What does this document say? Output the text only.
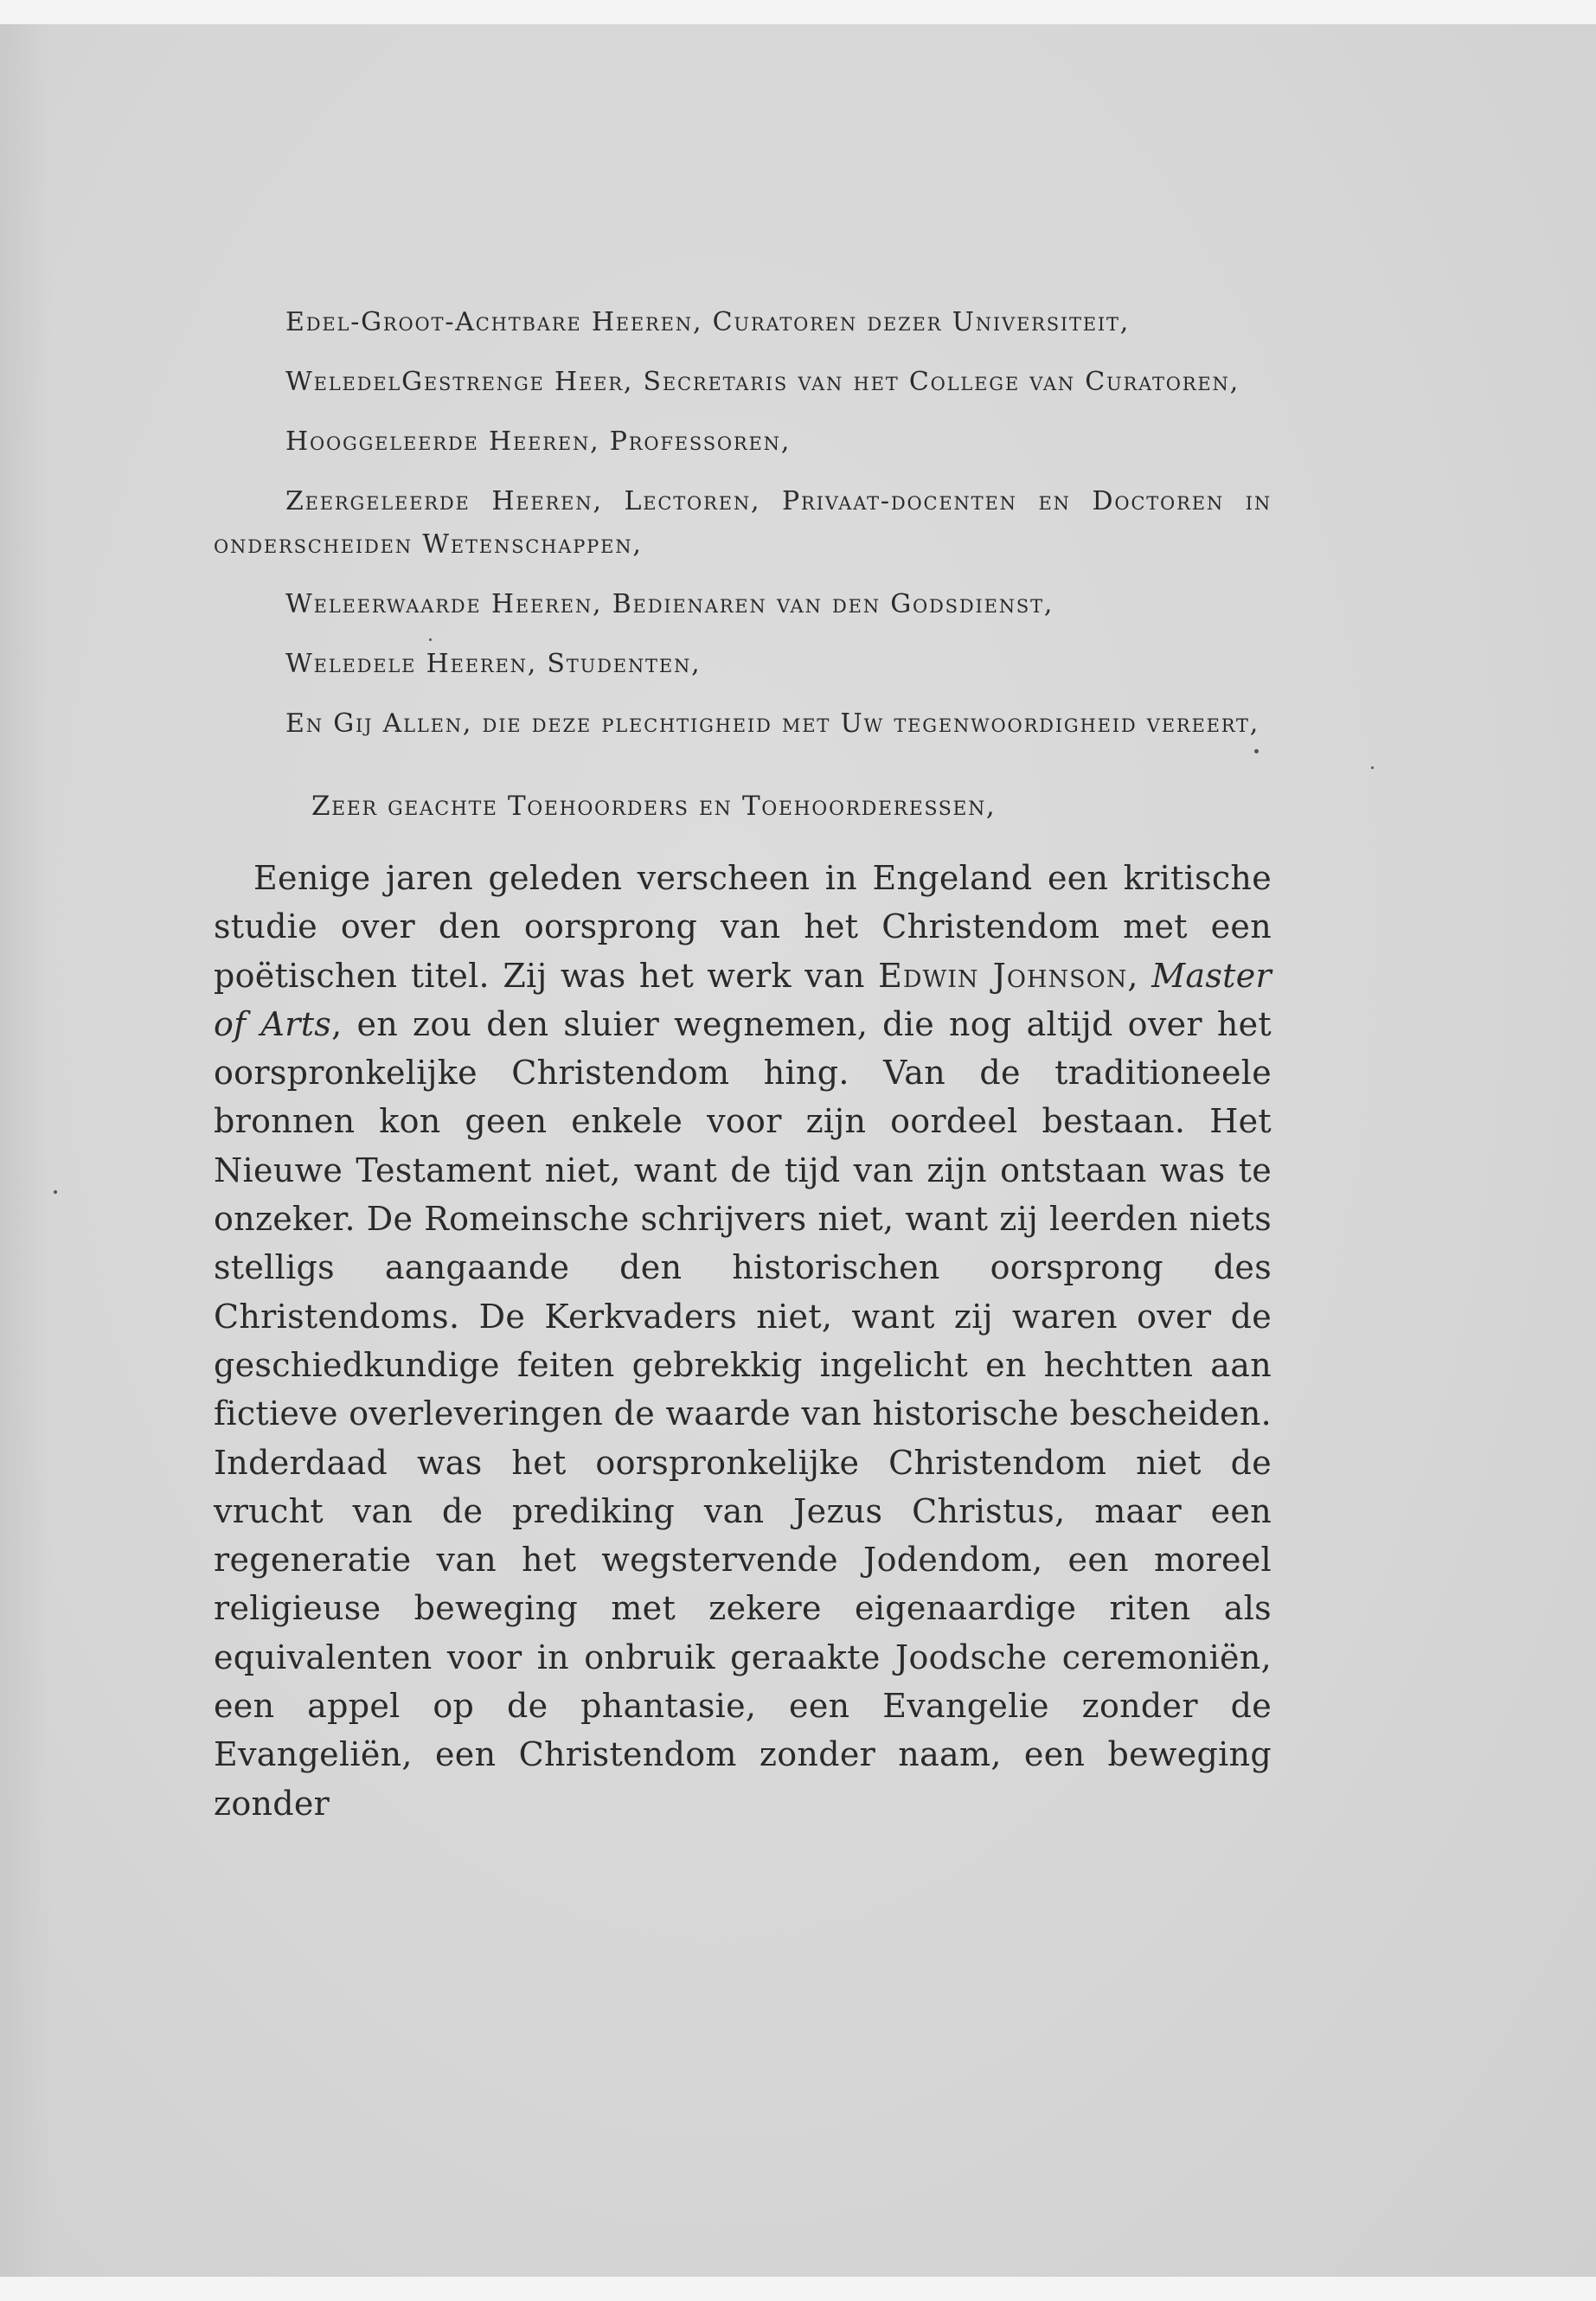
Edel-Groot-Achtbare Heeren, Curatoren dezer Universiteit,

WeledelGestrenge Heer, Secretaris van het College van Curatoren,

Hooggeleerde Heeren, Professoren,

Zeergeleerde Heeren, Lectoren, Privaat-docenten en Doctoren in onderscheiden Wetenschappen,

Weleerwaarde Heeren, Bedienaren van den Godsdienst,

Weledele Heeren, Studenten,

En Gij Allen, die deze plechtigheid met Uw tegenwoordigheid vereert,

Zeer geachte Toehoorders en Toehoorderessen,

Eenige jaren geleden verscheen in Engeland een kritische studie over den oorsprong van het Christendom met een poëtischen titel. Zij was het werk van Edwin Johnson, Master of Arts, en zou den sluier wegnemen, die nog altijd over het oorspronkelijke Christendom hing. Van de traditioneele bronnen kon geen enkele voor zijn oordeel bestaan. Het Nieuwe Testament niet, want de tijd van zijn ontstaan was te onzeker. De Romeinsche schrijvers niet, want zij leerden niets stelligs aangaande den historischen oorsprong des Christendoms. De Kerkvaders niet, want zij waren over de geschiedkundige feiten gebrekkig ingelicht en hechtten aan fictieve overleveringen de waarde van historische bescheiden. Inderdaad was het oorspronkelijke Christendom niet de vrucht van de prediking van Jezus Christus, maar een regeneratie van het wegstervende Jodendom, een moreel religieuse beweging met zekere eigenaardige riten als equivalenten voor in onbruik geraakte Joodsche ceremoniën, een appel op de phantasie, een Evangelie zonder de Evangeliën, een Christendom zonder naam, een beweging zonder
